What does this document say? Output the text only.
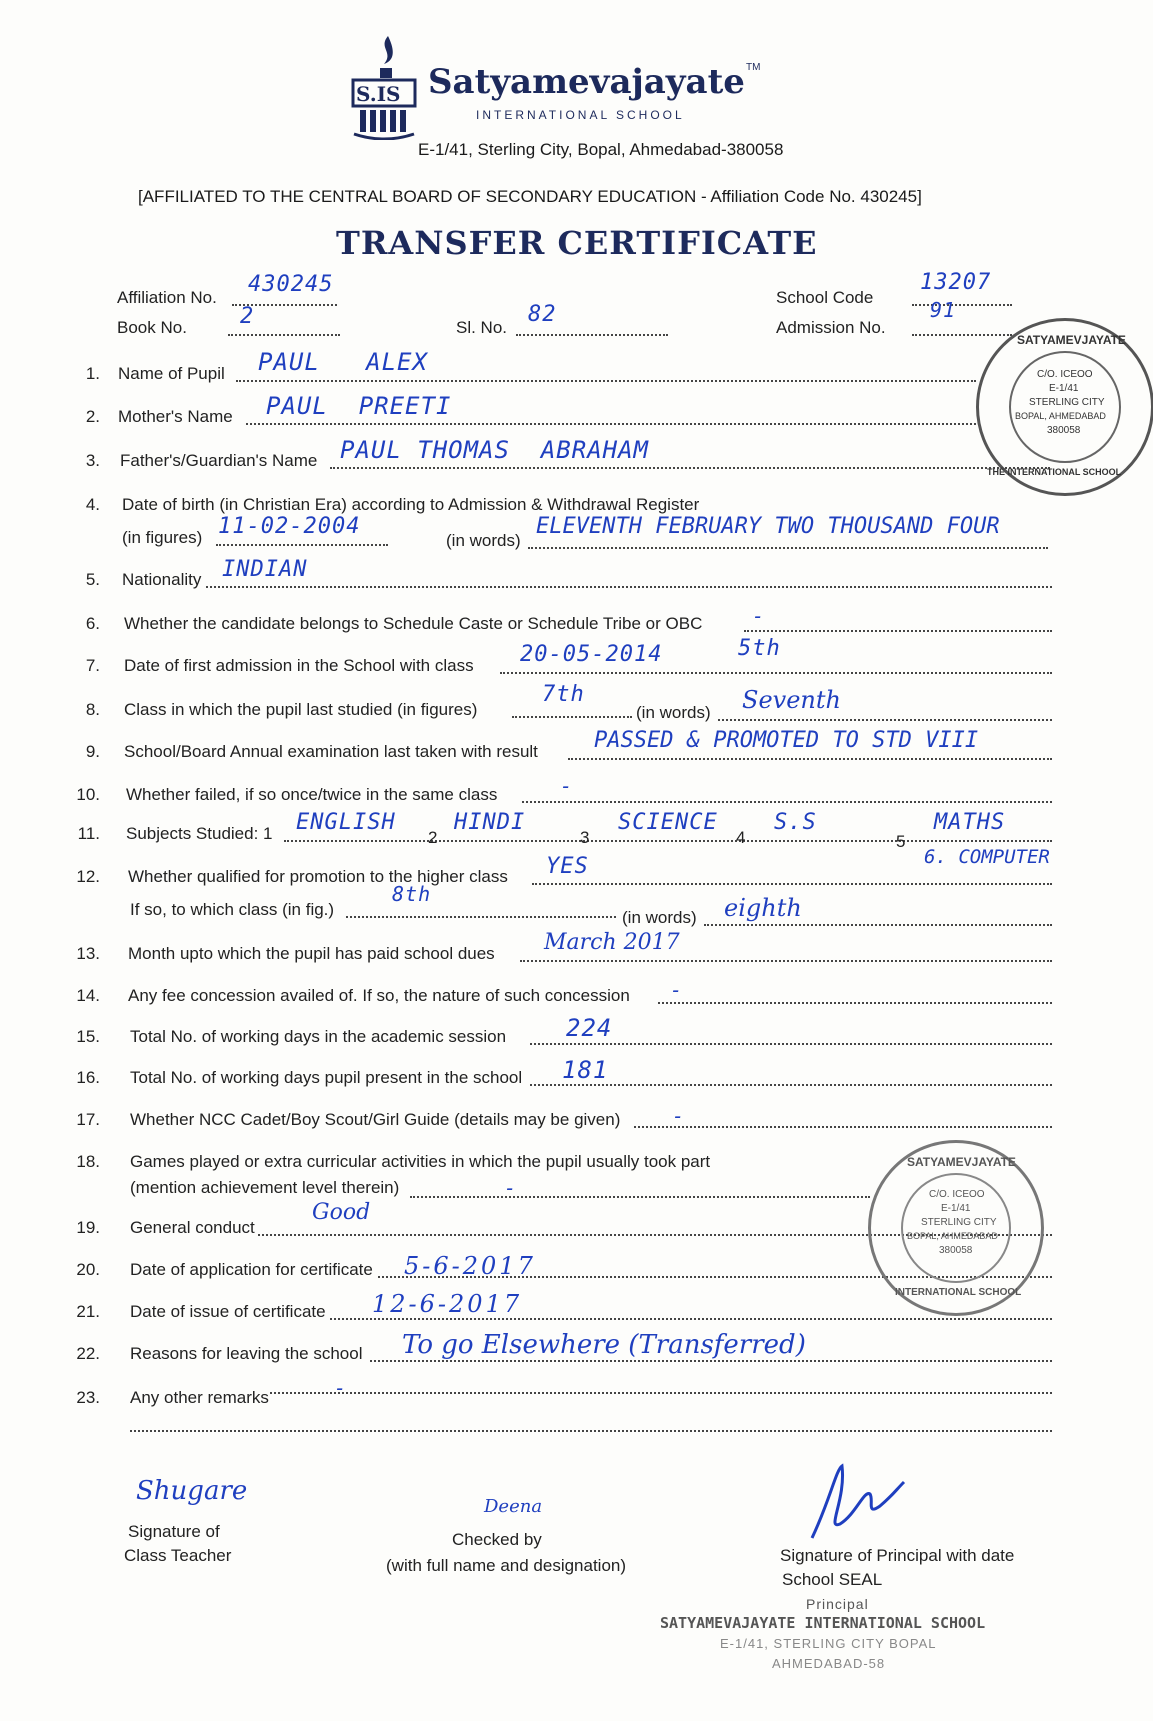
S.IS Satyamevajayate TM
INTERNATIONAL SCHOOL
E-1/41, Sterling City, Bopal, Ahmedabad-380058
[AFFILIATED TO THE CENTRAL BOARD OF SECONDARY EDUCATION - Affiliation Code No. 430245]
TRANSFER CERTIFICATE
Affiliation No.
430245
Book No. 2	Sl. No.
82
School Code
13207
Admission No.
91
SATYAMEVJAYATE
C/O. ICEOO
E-1/41
STERLING CITY
BOPAL, AHMEDABAD
380058
THE INTERNATIONAL SCHOOL
1. Name of Pupil PAUL   ALEX
2. Mother's Name PAUL  PREETI
3. Father's/Guardian's Name PAUL THOMAS  ABRAHAM
4. Date of birth (in Christian Era) according to Admission & Withdrawal Register
(in figures) 11-02-2004
(in words)
ELEVENTH FEBRUARY TWO THOUSAND FOUR
5. Nationality INDIAN
6. Whether the candidate belongs to Schedule Caste or Schedule Tribe or OBC -
7. Date of first admission in the School with class 20-05-2014	5th
8. Class in which the pupil last studied (in figures)
7th
(in words) Seventh
9. School/Board Annual examination last taken with result	PASSED & PROMOTED TO STD VIII
10. Whether failed, if so once/twice in the same class	-
11. Subjects Studied: 1 ENGLISH
2
HINDI
3
SCIENCE
4
S.S
5
MATHS
6. COMPUTER
12. Whether qualified for promotion to the higher class YES
If so, to which class (in fig.)
8th
(in words) eighth
13. Month upto which the pupil has paid school dues March 2017
14. Any fee concession availed of. If so, the nature of such concession -
15. Total No. of working days in the academic session 224
16. Total No. of working days pupil present in the school 181
17. Whether NCC Cadet/Boy Scout/Girl Guide (details may be given)	-
18. Games played or extra curricular activities in which the pupil usually took part
(mention achievement level therein)	-
19. General conduct
Good
20. Date of application for certificate 5-6-2017
21. Date of issue of certificate 12-6-2017
22. Reasons for leaving the school To go Elsewhere (Transferred)
23. Any other remarks	-
SATYAMEVJAYATE
C/O. ICEOO
E-1/41
STERLING CITY
BOPAL, AHMEDABAD
380058
INTERNATIONAL SCHOOL
Shugare
Signature of
Class Teacher
Deena
Checked by
(with full name and designation)
Signature of Principal with date
School SEAL
Principal
SATYAMEVAJAYATE INTERNATIONAL SCHOOL
E-1/41, STERLING CITY BOPAL
AHMEDABAD-58
